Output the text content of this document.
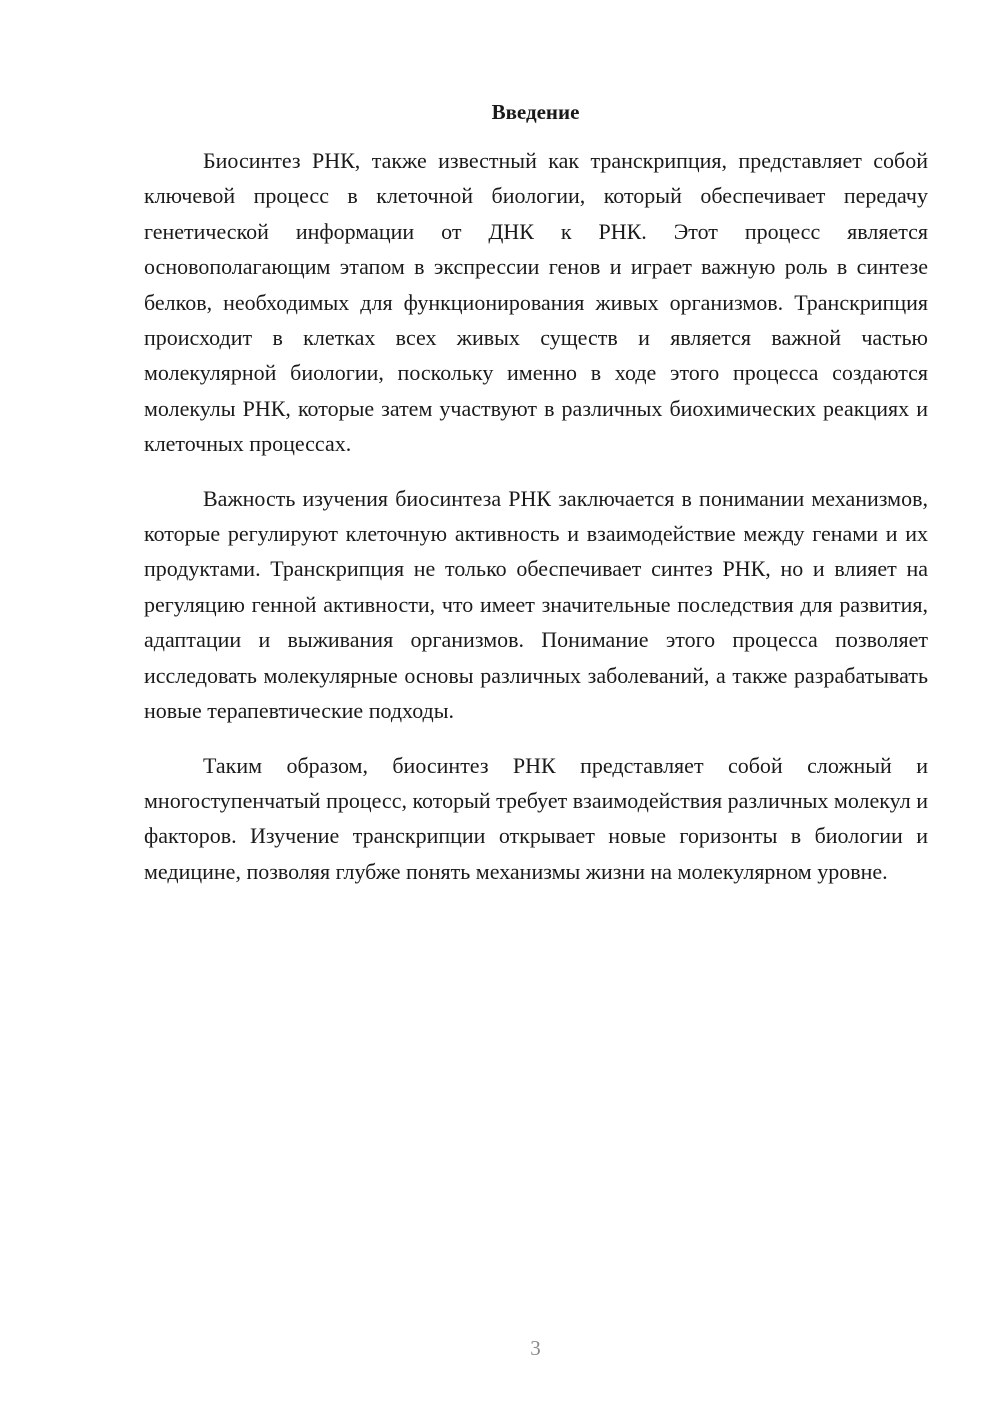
Введение

Биосинтез РНК, также известный как транскрипция, представляет собой ключевой процесс в клеточной биологии, который обеспечивает передачу генетической информации от ДНК к РНК. Этот процесс является основополагающим этапом в экспрессии генов и играет важную роль в синтезе белков, необходимых для функционирования живых организмов. Транскрипция происходит в клетках всех живых существ и является важной частью молекулярной биологии, поскольку именно в ходе этого процесса создаются молекулы РНК, которые затем участвуют в различных биохимических реакциях и клеточных процессах.

Важность изучения биосинтеза РНК заключается в понимании механизмов, которые регулируют клеточную активность и взаимодействие между генами и их продуктами. Транскрипция не только обеспечивает синтез РНК, но и влияет на регуляцию генной активности, что имеет значительные последствия для развития, адаптации и выживания организмов. Понимание этого процесса позволяет исследовать молекулярные основы различных заболеваний, а также разрабатывать новые терапевтические подходы.

Таким образом, биосинтез РНК представляет собой сложный и многоступенчатый процесс, который требует взаимодействия различных молекул и факторов. Изучение транскрипции открывает новые горизонты в биологии и медицине, позволяя глубже понять механизмы жизни на молекулярном уровне.

3
